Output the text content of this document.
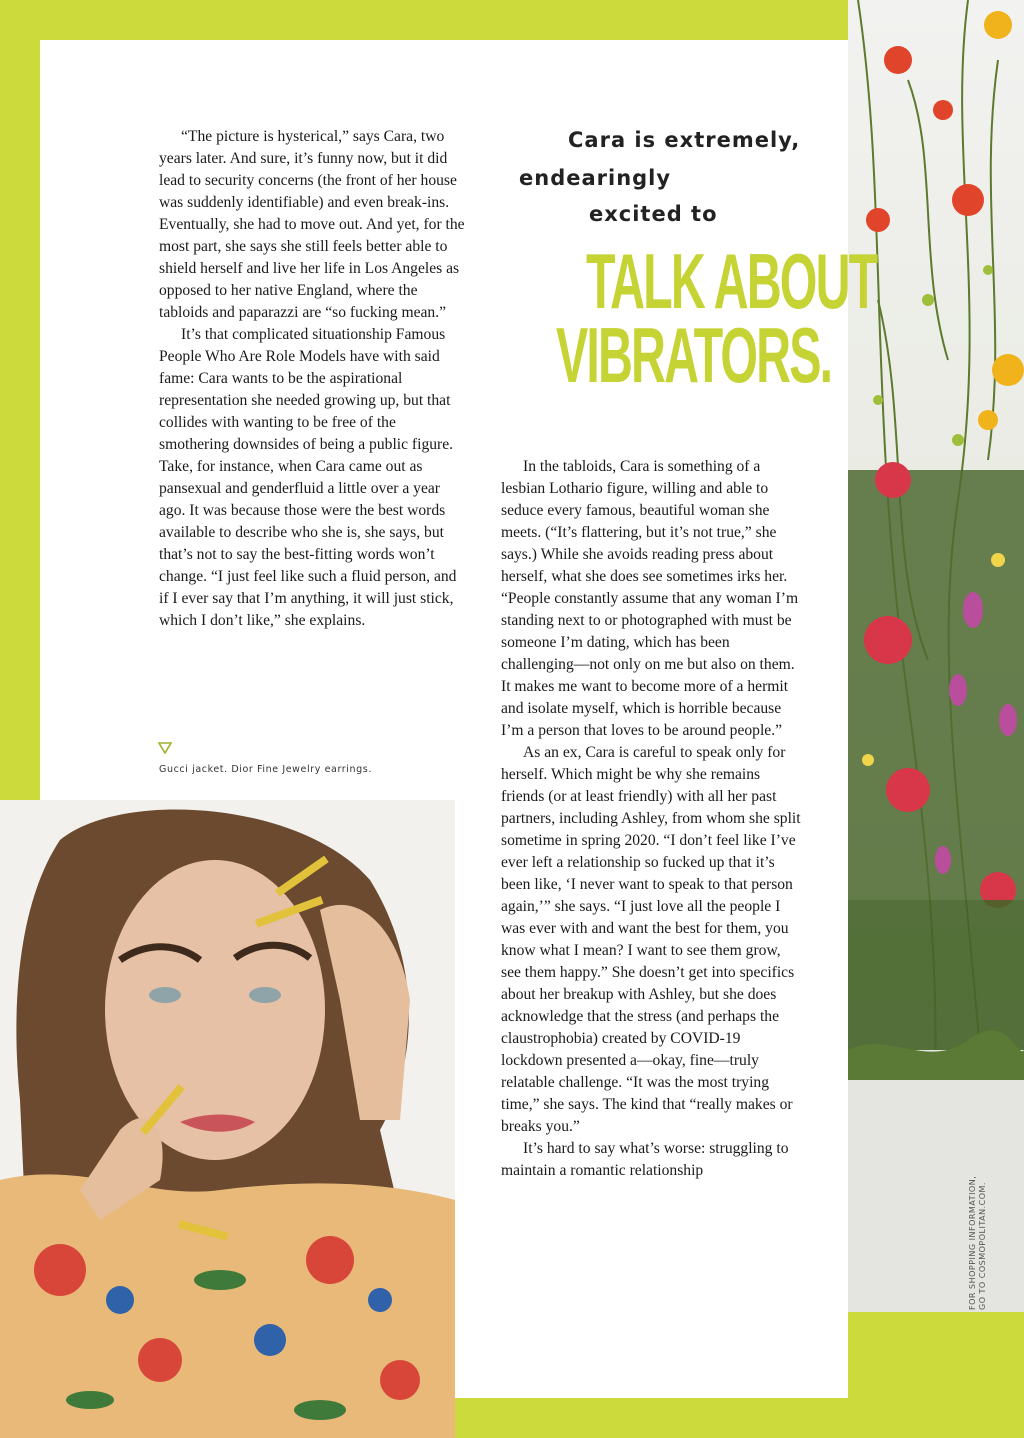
“The picture is hysterical,” says Cara, two years later. And sure, it’s funny now, but it did lead to security concerns (the front of her house was suddenly identifiable) and even break-ins. Eventually, she had to move out. And yet, for the most part, she says she still feels better able to shield herself and live her life in Los Angeles as opposed to her native England, where the tabloids and paparazzi are “so fucking mean.”

It’s that complicated situationship Famous People Who Are Role Models have with said fame: Cara wants to be the aspirational representation she needed growing up, but that collides with wanting to be free of the smothering downsides of being a public figure. Take, for instance, when Cara came out as pansexual and genderfluid a little over a year ago. It was because those were the best words available to describe who she is, she says, but that’s not to say the best-fitting words won’t change. “I just feel like such a fluid person, and if I ever say that I’m anything, it will just stick, which I don’t like,” she explains.

Cara is extremely,
endearingly
excited to
TALK ABOUT
VIBRATORS.

In the tabloids, Cara is something of a lesbian Lothario figure, willing and able to seduce every famous, beautiful woman she meets. (“It’s flattering, but it’s not true,” she says.) While she avoids reading press about herself, what she does see sometimes irks her. “People constantly assume that any woman I’m standing next to or photographed with must be someone I’m dating, which has been challenging—not only on me but also on them. It makes me want to become more of a hermit and isolate myself, which is horrible because I’m a person that loves to be around people.”

As an ex, Cara is careful to speak only for herself. Which might be why she remains friends (or at least friendly) with all her past partners, including Ashley, from whom she split sometime in spring 2020. “I don’t feel like I’ve ever left a relationship so fucked up that it’s been like, ‘I never want to speak to that person again,’” she says. “I just love all the people I was ever with and want the best for them, you know what I mean? I want to see them grow, see them happy.” She doesn’t get into specifics about her breakup with Ashley, but she does acknowledge that the stress (and perhaps the claustrophobia) created by COVID-19 lockdown presented a—okay, fine—truly relatable challenge. “It was the most trying time,” she says. The kind that “really makes or breaks you.”

It’s hard to say what’s worse: struggling to maintain a romantic relationship

Gucci jacket. Dior Fine Jewelry earrings.
FOR SHOPPING INFORMATION, GO TO COSMOPOLITAN.COM.
